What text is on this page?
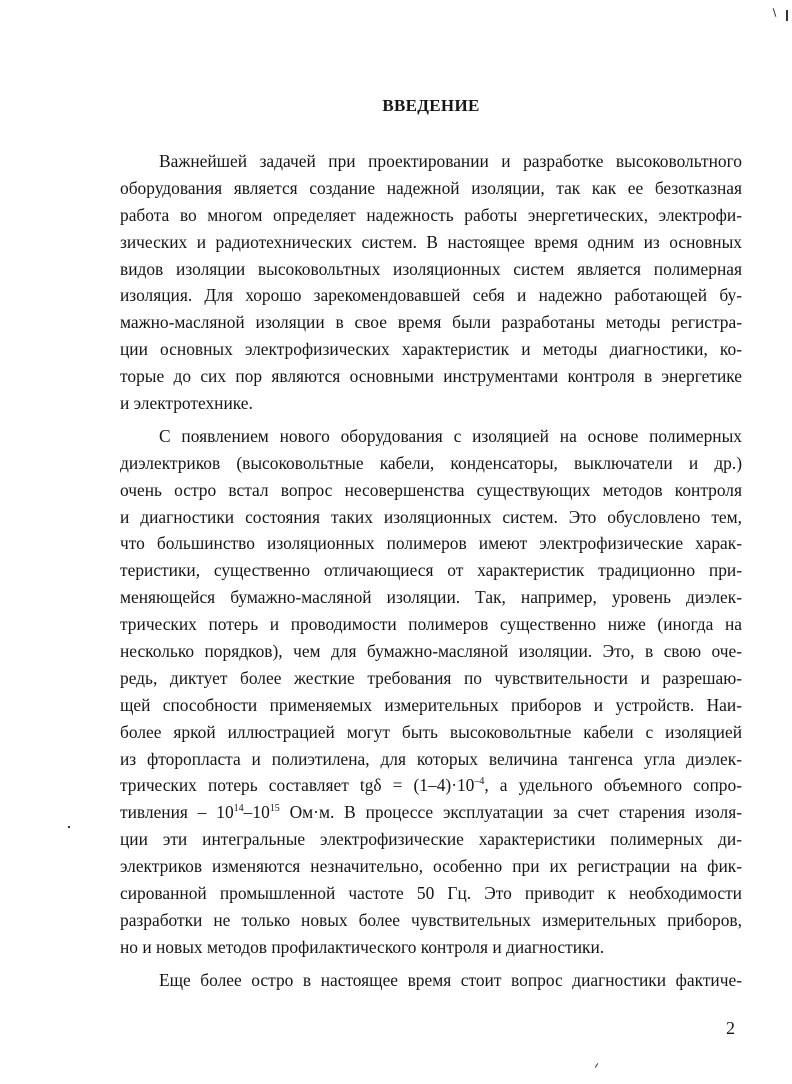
ВВЕДЕНИЕ
Важнейшей задачей при проектировании и разработке высоковольтного
оборудования является создание надежной изоляции, так как ее безотказная
работа во многом определяет надежность работы энергетических, электрофи-
зических и радиотехнических систем. В настоящее время одним из основных
видов изоляции высоковольтных изоляционных систем является полимерная
изоляция. Для хорошо зарекомендовавшей себя и надежно работающей бу-
мажно-масляной изоляции в свое время были разработаны методы регистра-
ции основных электрофизических характеристик и методы диагностики, ко-
торые до сих пор являются основными инструментами контроля в энергетике
и электротехнике.
С появлением нового оборудования с изоляцией на основе полимерных
диэлектриков (высоковольтные кабели, конденсаторы, выключатели и др.)
очень остро встал вопрос несовершенства существующих методов контроля
и диагностики состояния таких изоляционных систем. Это обусловлено тем,
что большинство изоляционных полимеров имеют электрофизические харак-
теристики, существенно отличающиеся от характеристик традиционно при-
меняющейся бумажно-масляной изоляции. Так, например, уровень диэлек-
трических потерь и проводимости полимеров существенно ниже (иногда на
несколько порядков), чем для бумажно-масляной изоляции. Это, в свою оче-
редь, диктует более жесткие требования по чувствительности и разрешаю-
щей способности применяемых измерительных приборов и устройств. Наи-
более яркой иллюстрацией могут быть высоковольтные кабели с изоляцией
из фторопласта и полиэтилена, для которых величина тангенса угла диэлек-
трических потерь составляет $tg\delta = (1-4)\cdot 10^{-4}$, а удельного объемного сопро-
тивления – $10^{14}-10^{15}$ Ом·м. В процессе эксплуатации за счет старения изоля-
ции эти интегральные электрофизические характеристики полимерных ди-
электриков изменяются незначительно, особенно при их регистрации на фик-
сированной промышленной частоте 50 Гц. Это приводит к необходимости
разработки не только новых более чувствительных измерительных приборов,
но и новых методов профилактического контроля и диагностики.
Еще более остро в настоящее время стоит вопрос диагностики фактиче-
2
